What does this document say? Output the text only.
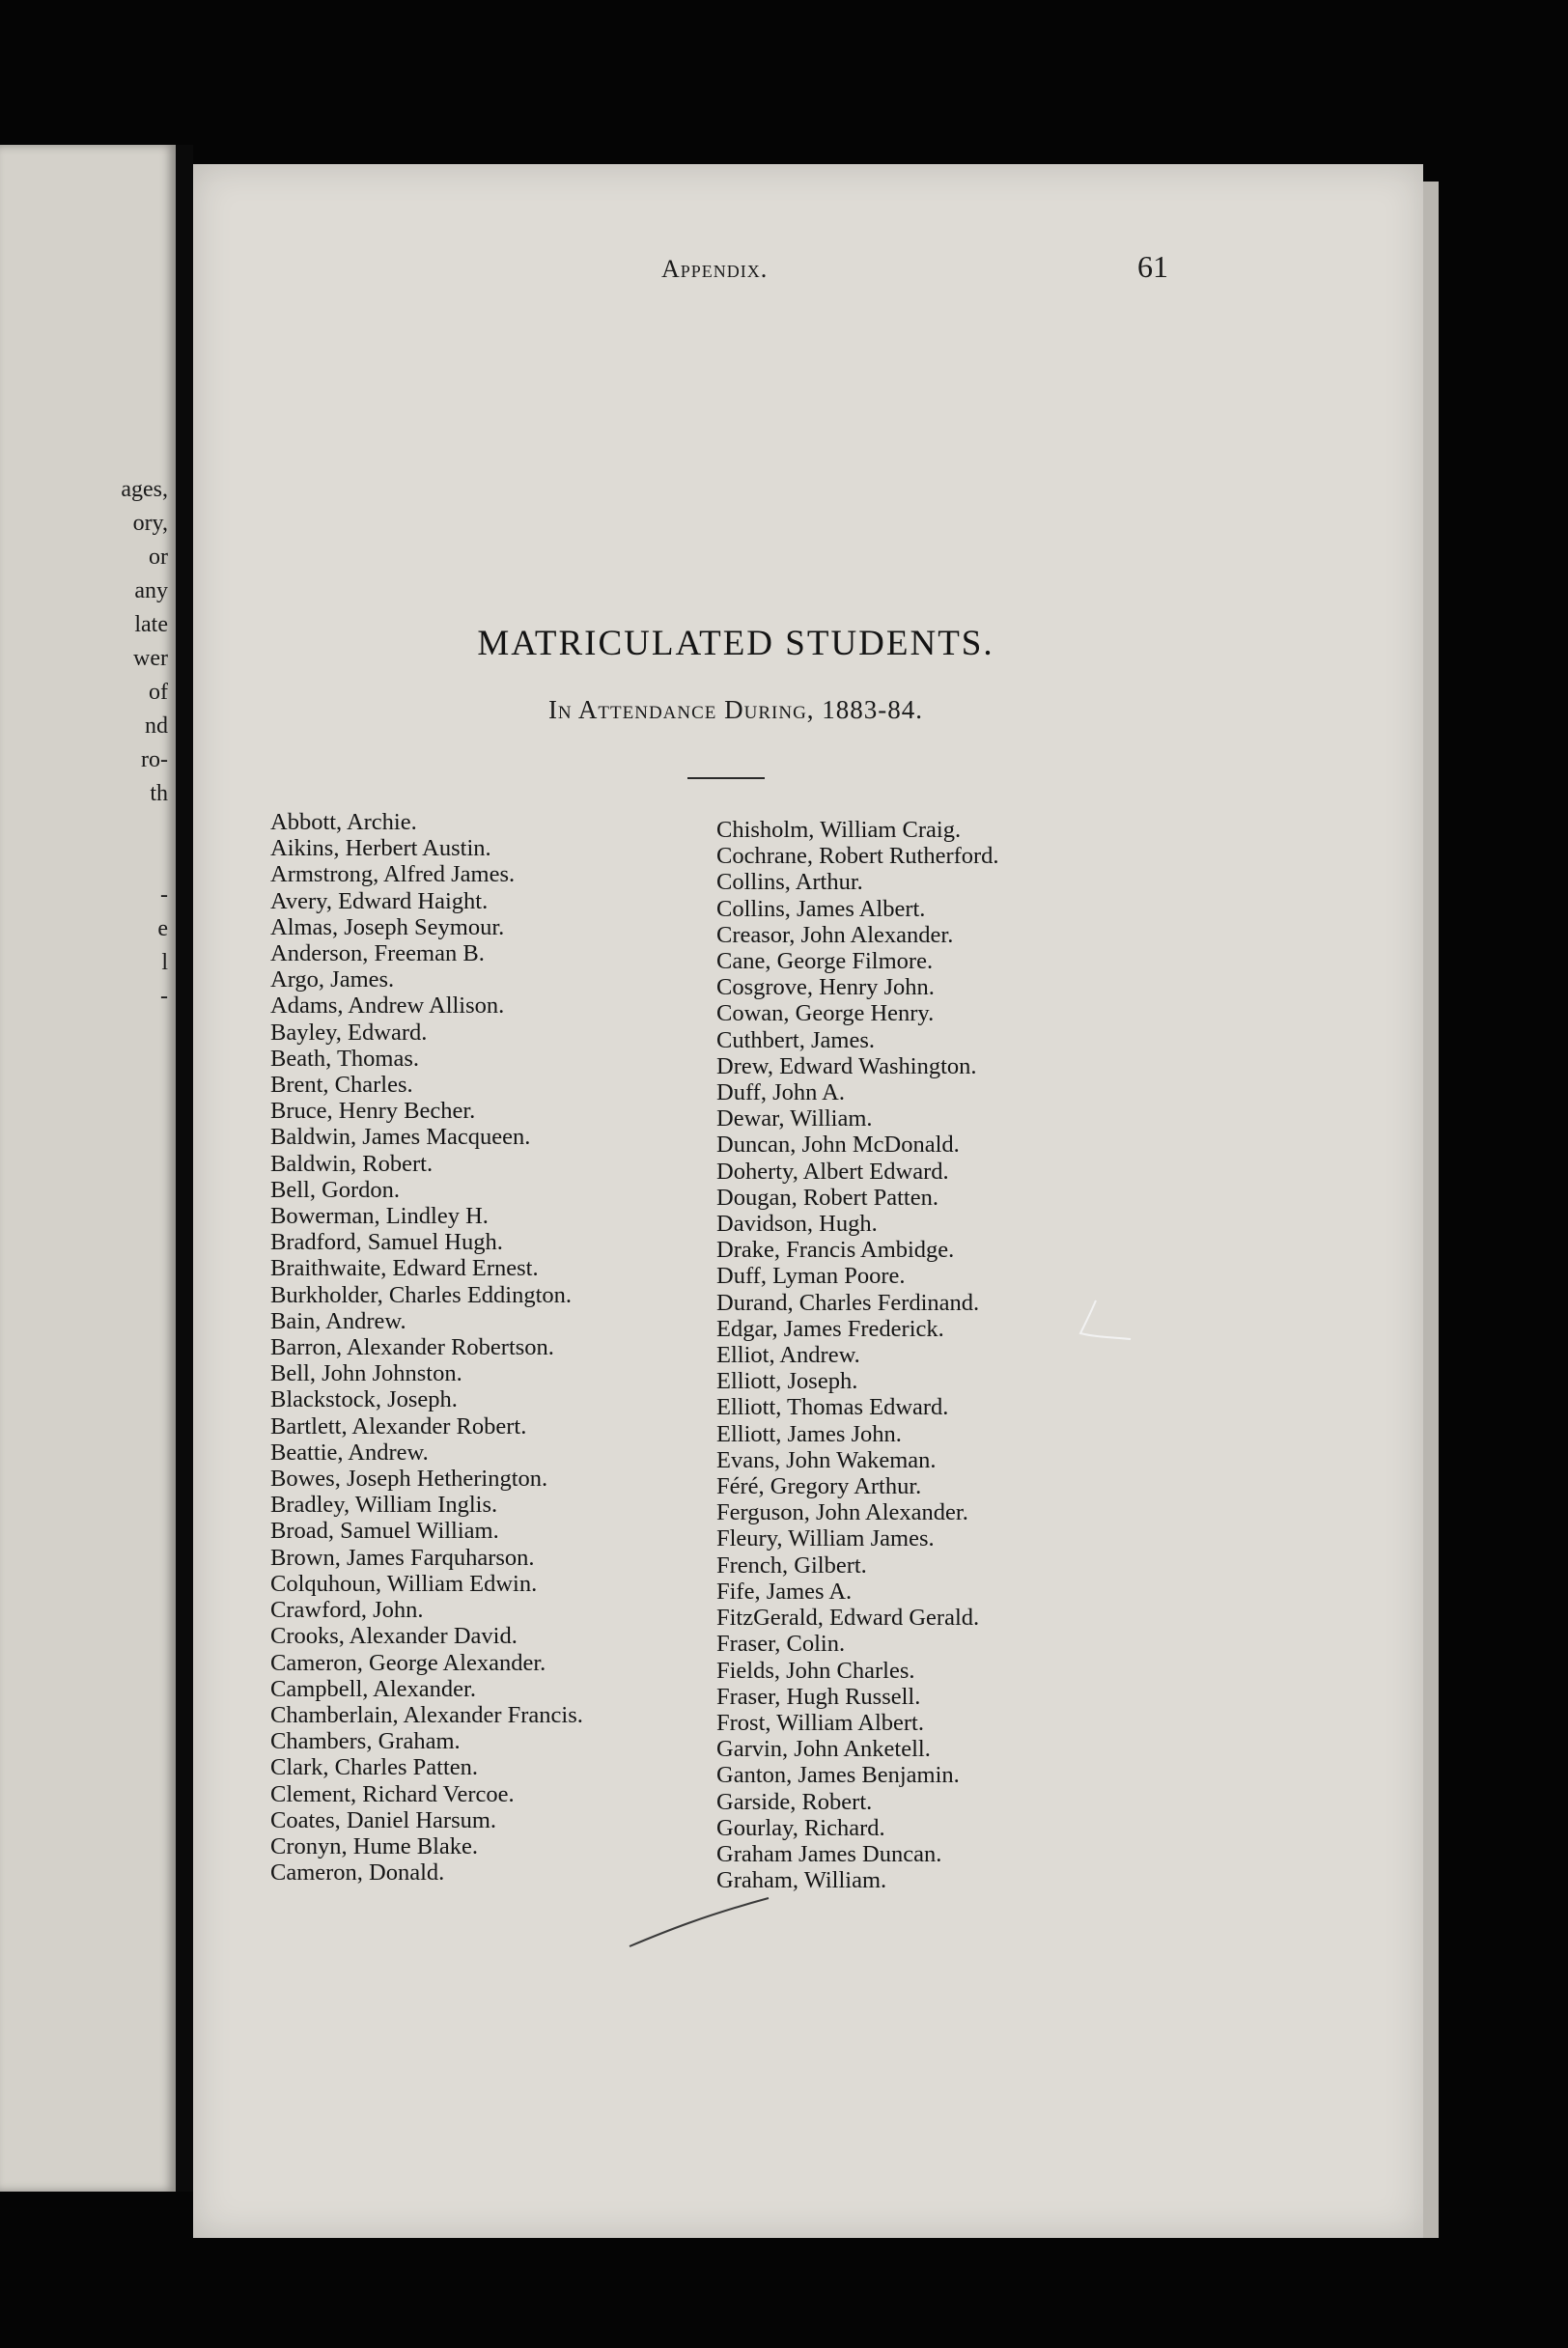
ages,
ory,
or
any
late
wer
of
nd
ro-
th

-
e
l
-
Appendix.	61
MATRICULATED STUDENTS.
In Attendance During, 1883-84.
Abbott, Archie.
Aikins, Herbert Austin.
Armstrong, Alfred James.
Avery, Edward Haight.
Almas, Joseph Seymour.
Anderson, Freeman B.
Argo, James.
Adams, Andrew Allison.
Bayley, Edward.
Beath, Thomas.
Brent, Charles.
Bruce, Henry Becher.
Baldwin, James Macqueen.
Baldwin, Robert.
Bell, Gordon.
Bowerman, Lindley H.
Bradford, Samuel Hugh.
Braithwaite, Edward Ernest.
Burkholder, Charles Eddington.
Bain, Andrew.
Barron, Alexander Robertson.
Bell, John Johnston.
Blackstock, Joseph.
Bartlett, Alexander Robert.
Beattie, Andrew.
Bowes, Joseph Hetherington.
Bradley, William Inglis.
Broad, Samuel William.
Brown, James Farquharson.
Colquhoun, William Edwin.
Crawford, John.
Crooks, Alexander David.
Cameron, George Alexander.
Campbell, Alexander.
Chamberlain, Alexander Francis.
Chambers, Graham.
Clark, Charles Patten.
Clement, Richard Vercoe.
Coates, Daniel Harsum.
Cronyn, Hume Blake.
Cameron, Donald.
Chisholm, William Craig.
Cochrane, Robert Rutherford.
Collins, Arthur.
Collins, James Albert.
Creasor, John Alexander.
Cane, George Filmore.
Cosgrove, Henry John.
Cowan, George Henry.
Cuthbert, James.
Drew, Edward Washington.
Duff, John A.
Dewar, William.
Duncan, John McDonald.
Doherty, Albert Edward.
Dougan, Robert Patten.
Davidson, Hugh.
Drake, Francis Ambidge.
Duff, Lyman Poore.
Durand, Charles Ferdinand.
Edgar, James Frederick.
Elliot, Andrew.
Elliott, Joseph.
Elliott, Thomas Edward.
Elliott, James John.
Evans, John Wakeman.
Féré, Gregory Arthur.
Ferguson, John Alexander.
Fleury, William James.
French, Gilbert.
Fife, James A.
FitzGerald, Edward Gerald.
Fraser, Colin.
Fields, John Charles.
Fraser, Hugh Russell.
Frost, William Albert.
Garvin, John Anketell.
Ganton, James Benjamin.
Garside, Robert.
Gourlay, Richard.
Graham James Duncan.
Graham, William.
